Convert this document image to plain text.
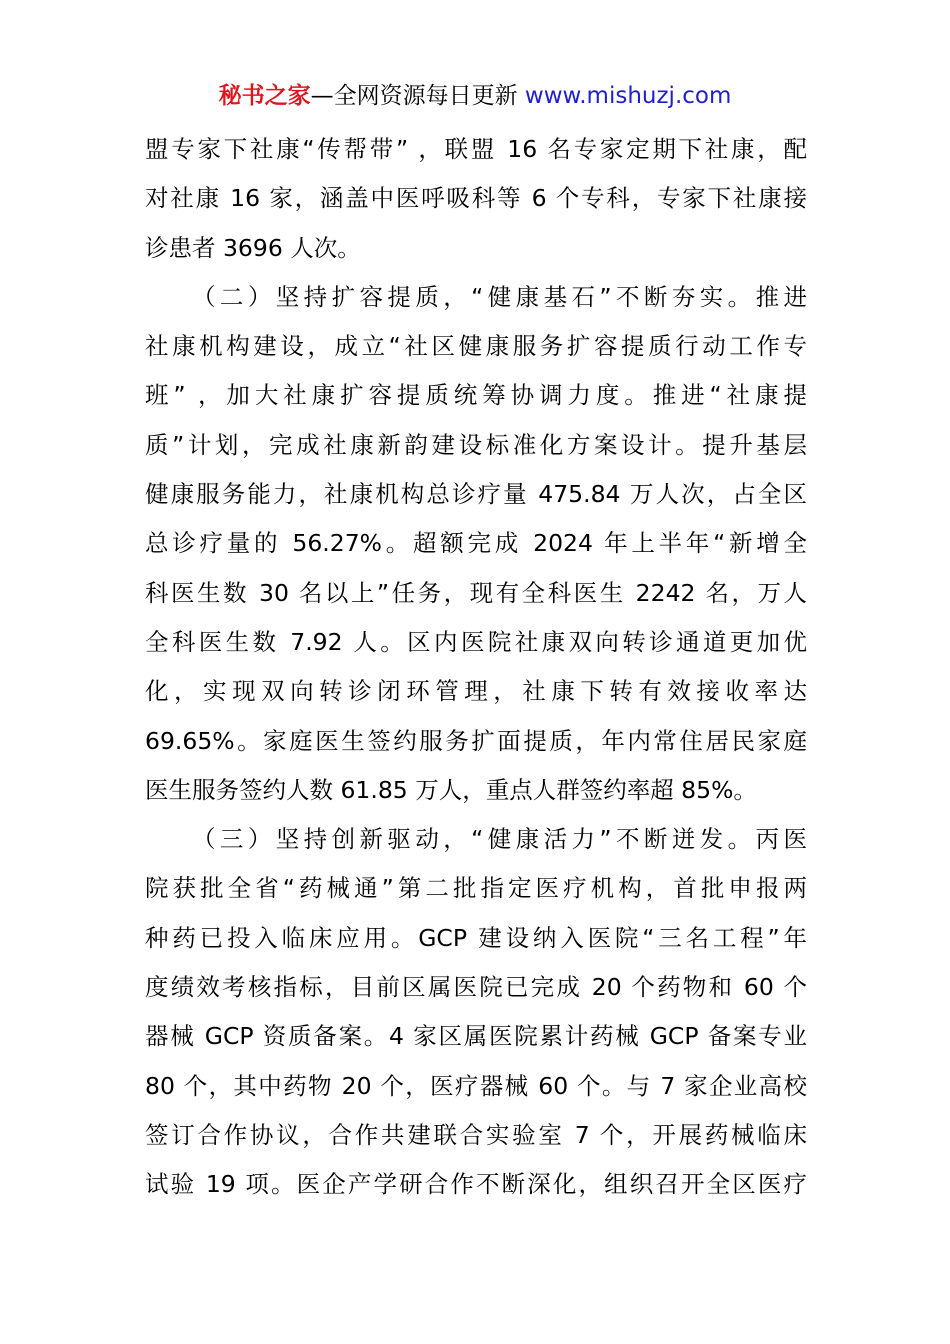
秘书之家—全网资源每日更新 www.mishuzj.com
盟专家下社康“传帮带” ，联盟 16 名专家定期下社康，配
对社康 16 家，涵盖中医呼吸科等 6 个专科，专家下社康接
诊患者 3696 人次。
（二）坚持扩容提质，“健康基石”不断夯实。推进
社康机构建设，成立“社区健康服务扩容提质行动工作专
班” ，加大社康扩容提质统筹协调力度。推进“社康提
质”计划，完成社康新韵建设标准化方案设计。提升基层
健康服务能力，社康机构总诊疗量 475.84 万人次，占全区
总诊疗量的 56.27%。超额完成 2024 年上半年“新增全
科医生数 30 名以上”任务，现有全科医生 2242 名，万人
全科医生数 7.92 人。区内医院社康双向转诊通道更加优
化，实现双向转诊闭环管理，社康下转有效接收率达
69.65%。家庭医生签约服务扩面提质，年内常住居民家庭
医生服务签约人数 61.85 万人，重点人群签约率超 85%。
（三）坚持创新驱动，“健康活力”不断迸发。丙医
院获批全省“药械通”第二批指定医疗机构，首批申报两
种药已投入临床应用。GCP 建设纳入医院“三名工程”年
度绩效考核指标，目前区属医院已完成 20 个药物和 60 个
器械 GCP 资质备案。4 家区属医院累计药械 GCP 备案专业
80 个，其中药物 20 个，医疗器械 60 个。与 7 家企业高校
签订合作协议，合作共建联合实验室 7 个，开展药械临床
试验 19 项。医企产学研合作不断深化，组织召开全区医疗
